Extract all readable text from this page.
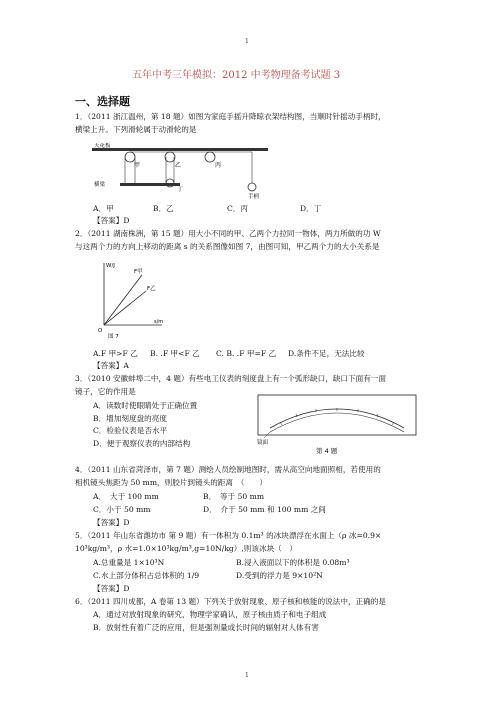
1
1
五年中考三年模拟：2012 中考物理备考试题 3
一、选择题
1．（2011 浙江温州，第 18 题）如图为家庭手摇升降晾衣架结构图，当顺时针摇动手柄时，
横梁上升。下列滑轮属于动滑轮的是
天花板
甲	乙	丙
丁
横梁
手柄
A．甲	B．乙	C．丙	D．丁
【答案】D
2．（2011 湖南株洲，第 15 题）用大小不同的甲、乙两个力拉同一物体，两力所做的功 W
与这两个力的方向上移动的距离 s 的关系图像如图 7，由图可知，甲乙两个力的大小关系是
W/J
s/m
F甲
F乙
O
图 7
A.F 甲>F 乙 B. .F 甲<F 乙 C. B. .F 甲=F 乙 D.条件不足，无法比较
【答案】A
3．（2010 安徽蚌埠二中，4 题）有些电工仪表的刻度盘上有一个弧形缺口，缺口下面有一面
镜子，它的作用是
A．读数时使眼睛处于正确位置
B．增加刻度盘的亮度
C．检验仪表是否水平
D．便于观察仪表的内部结构	镜面
第 4 题
4．（2011 山东省菏泽市，第 7 题）测绘人员绘制地图时，需从高空向地面照相，若使用的
相机镜头焦距为 50 mm，则胶片到镜头的距离　（　　）
A．　大于 100 mm	B．　等于 50 mm
C．小于 50 mm	D．　介于 50 mm 和 100 mm 之间
【答案】D
5．（2011 年山东省潍坊市 第 9 题）有一体积为 0.1m³ 的冰块漂浮在水面上（ρ 冰=0.9×
10³kg/m³，ρ 水=1.0×10³kg/m³,g=10N/kg）,则该冰块（　）
A.总重量是 1×10³N	B.浸入液面以下的体积是 0.08m³
C.水上部分体积占总体积的 1/9	D.受到的浮力是 9×10²N
【答案】D
6．（2011 四川成都，A 卷第 13 题）下列关于放射现象、原子核和核能的说法中，正确的是
A．通过对放射现象的研究，物理学家确认，原子核由质子和电子组成
B．放射性有着广泛的应用，但是强剂量或长时间的辐射对人体有害
